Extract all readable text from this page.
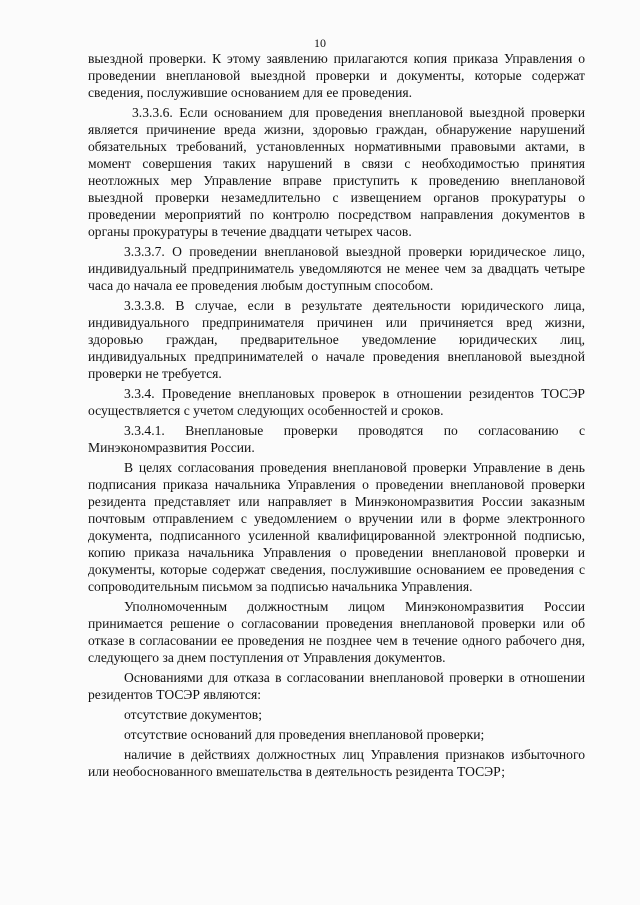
10

выездной проверки. К этому заявлению прилагаются копия приказа Управления о проведении внеплановой выездной проверки и документы, которые содержат сведения, послужившие основанием для ее проведения.

3.3.3.6. Если основанием для проведения внеплановой выездной проверки является причинение вреда жизни, здоровью граждан, обнаружение нарушений обязательных требований, установленных нормативными правовыми актами, в момент совершения таких нарушений в связи с необходимостью принятия неотложных мер Управление вправе приступить к проведению внеплановой выездной проверки незамедлительно с извещением органов прокуратуры о проведении мероприятий по контролю посредством направления документов в органы прокуратуры в течение двадцати четырех часов.

3.3.3.7. О проведении внеплановой выездной проверки юридическое лицо, индивидуальный предприниматель уведомляются не менее чем за двадцать четыре часа до начала ее проведения любым доступным способом.

3.3.3.8. В случае, если в результате деятельности юридического лица, индивидуального предпринимателя причинен или причиняется вред жизни, здоровью граждан, предварительное уведомление юридических лиц, индивидуальных предпринимателей о начале проведения внеплановой выездной проверки не требуется.

3.3.4. Проведение внеплановых проверок в отношении резидентов ТОСЭР осуществляется с учетом следующих особенностей и сроков.

3.3.4.1. Внеплановые проверки проводятся по согласованию с Минэкономразвития России.

В целях согласования проведения внеплановой проверки Управление в день подписания приказа начальника Управления о проведении внеплановой проверки резидента представляет или направляет в Минэкономразвития России заказным почтовым отправлением с уведомлением о вручении или в форме электронного документа, подписанного усиленной квалифицированной электронной подписью, копию приказа начальника Управления о проведении внеплановой проверки и документы, которые содержат сведения, послужившие основанием ее проведения с сопроводительным письмом за подписью начальника Управления.

Уполномоченным должностным лицом Минэкономразвития России принимается решение о согласовании проведения внеплановой проверки или об отказе в согласовании ее проведения не позднее чем в течение одного рабочего дня, следующего за днем поступления от Управления документов.

Основаниями для отказа в согласовании внеплановой проверки в отношении резидентов ТОСЭР являются:

отсутствие документов;

отсутствие оснований для проведения внеплановой проверки;

наличие в действиях должностных лиц Управления признаков избыточного или необоснованного вмешательства в деятельность резидента ТОСЭР;
